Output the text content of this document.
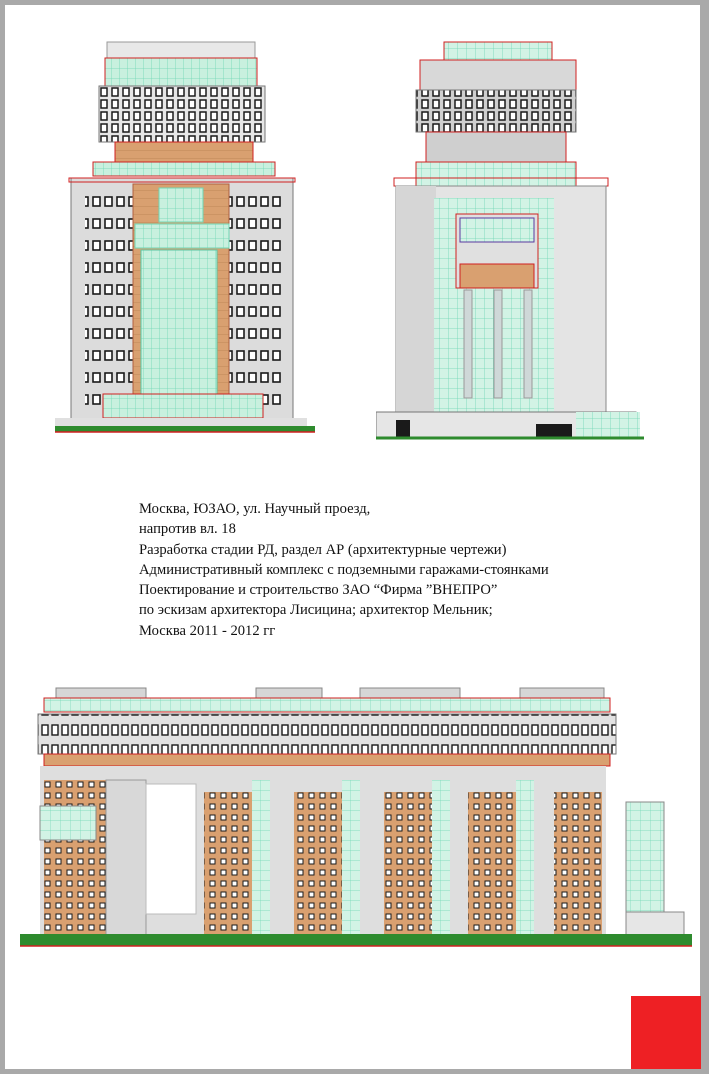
Москва, ЮЗАО, ул. Научный проезд,
напротив вл. 18
Разработка стадии РД, раздел АР (архитектурные чертежи)
Административный комплекс с подземными гаражами-стоянками
Поектирование и строительство ЗАО “Фирма ”ВНЕПРО”
по эскизам архитектора Лисицина; архитектор Мельник;
Москва 2011 - 2012 гг
